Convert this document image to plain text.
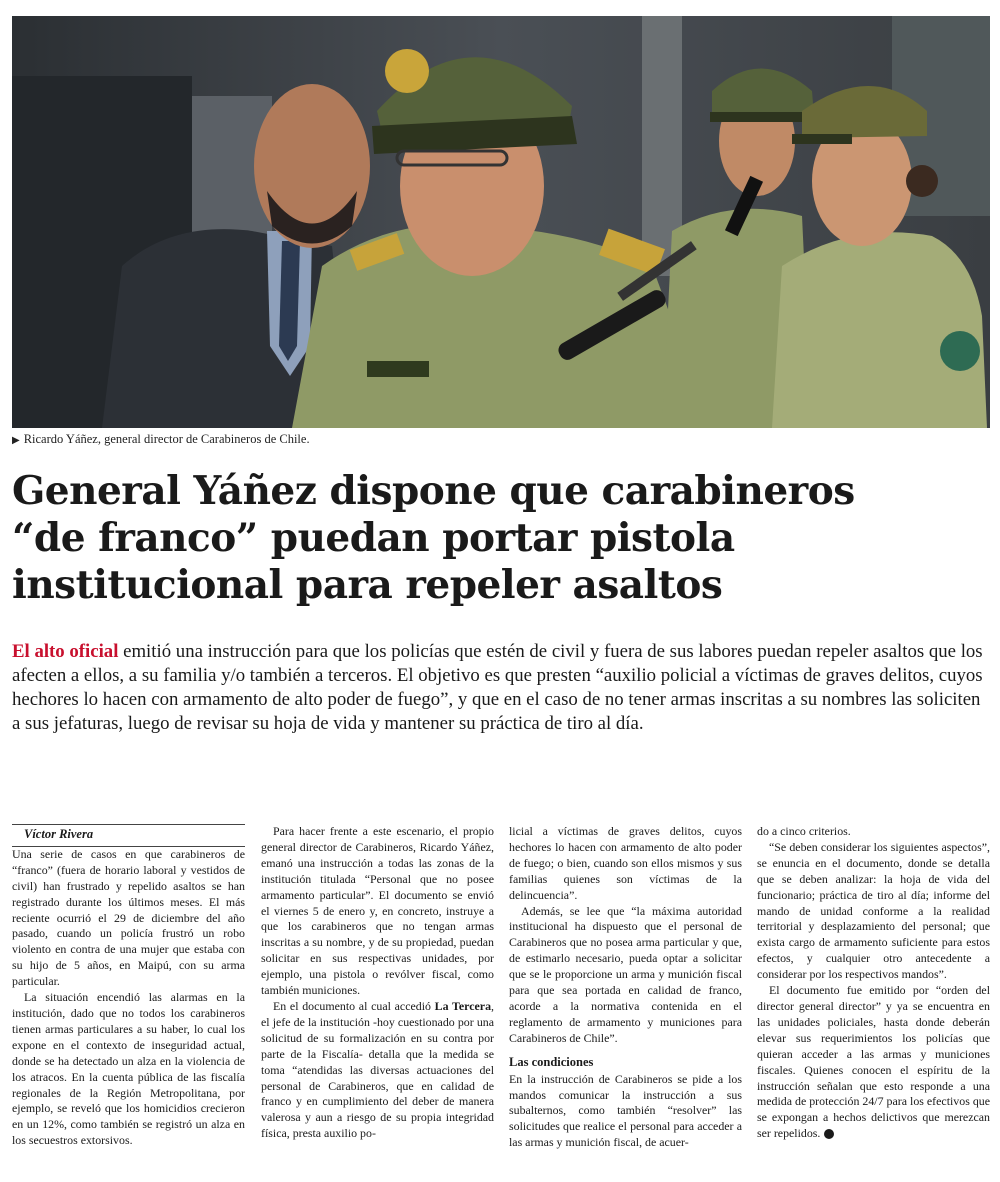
▶ Ricardo Yáñez, general director de Carabineros de Chile.
General Yáñez dispone que carabineros “de franco” puedan portar pistola institucional para repeler asaltos

El alto oficial emitió una instrucción para que los policías que estén de civil y fuera de sus labores puedan repeler asaltos que los afecten a ellos, a su familia y/o también a terceros. El objetivo es que presten “auxilio policial a víctimas de graves delitos, cuyos hechores lo hacen con armamento de alto poder de fuego”, y que en el caso de no tener armas inscritas a su nombres las soliciten a sus jefaturas, luego de revisar su hoja de vida y mantener su práctica de tiro al día.

Víctor Rivera

Una serie de casos en que carabineros de “franco” (fuera de horario laboral y vestidos de civil) han frustrado y repelido asaltos se han registrado durante los últimos meses. El más reciente ocurrió el 29 de diciembre del año pasado, cuando un policía frustró un robo violento en contra de una mujer que estaba con su hijo de 5 años, en Maipú, con su arma particular.

La situación encendió las alarmas en la institución, dado que no todos los carabineros tienen armas particulares a su haber, lo cual los expone en el contexto de inseguridad actual, donde se ha detectado un alza en la violencia de los atracos. En la cuenta pública de las fiscalía regionales de la Región Metropolitana, por ejemplo, se reveló que los homicidios crecieron en un 12%, como también se registró un alza en los secuestros extorsivos.

Para hacer frente a este escenario, el propio general director de Carabineros, Ricardo Yáñez, emanó una instrucción a todas las zonas de la institución titulada “Personal que no posee armamento particular”. El documento se envió el viernes 5 de enero y, en concreto, instruye a que los carabineros que no tengan armas inscritas a su nombre, y de su propiedad, puedan solicitar en sus respectivas unidades, por ejemplo, una pistola o revólver fiscal, como también municiones.

En el documento al cual accedió La Tercera, el jefe de la institución -hoy cuestionado por una solicitud de su formalización en su contra por parte de la Fiscalía- detalla que la medida se toma “atendidas las diversas actuaciones del personal de Carabineros, que en calidad de franco y en cumplimiento del deber de manera valerosa y aun a riesgo de su propia integridad física, presta auxilio po-

licial a víctimas de graves delitos, cuyos hechores lo hacen con armamento de alto poder de fuego; o bien, cuando son ellos mismos y sus familias quienes son víctimas de la delincuencia”.

Además, se lee que “la máxima autoridad institucional ha dispuesto que el personal de Carabineros que no posea arma particular y que, de estimarlo necesario, pueda optar a solicitar que se le proporcione un arma y munición fiscal para que sea portada en calidad de franco, acorde a la normativa contenida en el reglamento de armamento y municiones para Carabineros de Chile”.

Las condiciones

En la instrucción de Carabineros se pide a los mandos comunicar la instrucción a sus subalternos, como también “resolver” las solicitudes que realice el personal para acceder a las armas y munición fiscal, de acuer-

do a cinco criterios.

“Se deben considerar los siguientes aspectos”, se enuncia en el documento, donde se detalla que se deben analizar: la hoja de vida del funcionario; práctica de tiro al día; informe del mando de unidad conforme a la realidad territorial y desplazamiento del personal; que exista cargo de armamento suficiente para estos efectos, y cualquier otro antecedente a considerar por los respectivos mandos”.

El documento fue emitido por “orden del director general director” y ya se encuentra en las unidades policiales, hasta donde deberán elevar sus requerimientos los policías que quieran acceder a las armas y municiones fiscales. Quienes conocen el espíritu de la instrucción señalan que esto responde a una medida de protección 24/7 para los efectivos que se expongan a hechos delictivos que merezcan ser repelidos.
